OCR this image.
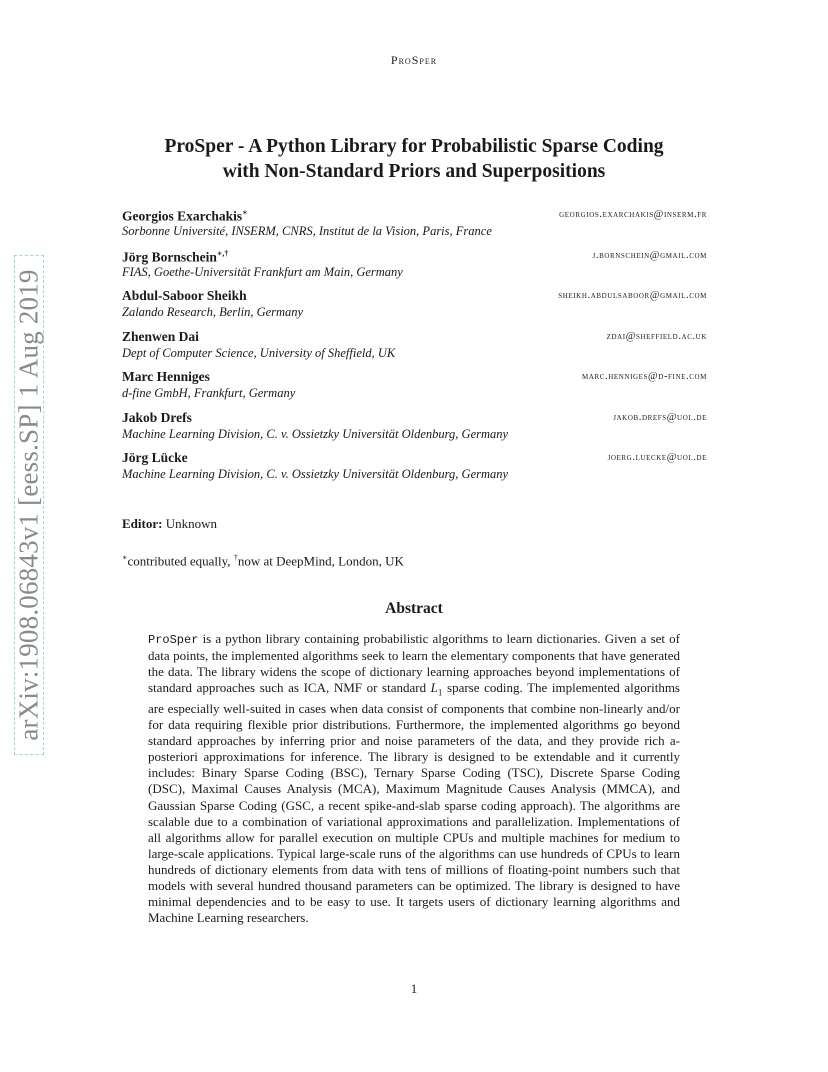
arXiv:1908.06843v1 [eess.SP] 1 Aug 2019
ProSper
ProSper - A Python Library for Probabilistic Sparse Coding
with Non-Standard Priors and Superpositions
Georgios Exarchakis∗	georgios.exarchakis@inserm.fr
Sorbonne Université, INSERM, CNRS, Institut de la Vision, Paris, France
Jörg Bornschein∗,†	j.bornschein@gmail.com
FIAS, Goethe-Universität Frankfurt am Main, Germany
Abdul-Saboor Sheikh	sheikh.abdulsaboor@gmail.com
Zalando Research, Berlin, Germany
Zhenwen Dai	zdai@sheffield.ac.uk
Dept of Computer Science, University of Sheffield, UK
Marc Henniges	marc.henniges@d-fine.com
d-fine GmbH, Frankfurt, Germany
Jakob Drefs	jakob.drefs@uol.de
Machine Learning Division, C. v. Ossietzky Universität Oldenburg, Germany
Jörg Lücke	joerg.luecke@uol.de
Machine Learning Division, C. v. Ossietzky Universität Oldenburg, Germany
Editor: Unknown
∗contributed equally, †now at DeepMind, London, UK
Abstract
ProSper is a python library containing probabilistic algorithms to learn dictionaries. Given a set of data points, the implemented algorithms seek to learn the elementary components that have generated the data. The library widens the scope of dictionary learning approaches beyond implementations of standard approaches such as ICA, NMF or standard $L_1$ sparse coding. The implemented algorithms are especially well-suited in cases when data consist of components that combine non-linearly and/or for data requiring flexible prior distributions. Furthermore, the implemented algorithms go beyond standard approaches by inferring prior and noise parameters of the data, and they provide rich a-posteriori approximations for inference. The library is designed to be extendable and it currently includes: Binary Sparse Coding (BSC), Ternary Sparse Coding (TSC), Discrete Sparse Coding (DSC), Maximal Causes Analysis (MCA), Maximum Magnitude Causes Analysis (MMCA), and Gaussian Sparse Coding (GSC, a recent spike-and-slab sparse coding approach). The algorithms are scalable due to a combination of variational approximations and parallelization. Implementations of all algorithms allow for parallel execution on multiple CPUs and multiple machines for medium to large-scale applications. Typical large-scale runs of the algorithms can use hundreds of CPUs to learn hundreds of dictionary elements from data with tens of millions of floating-point numbers such that models with several hundred thousand parameters can be optimized. The library is designed to have minimal dependencies and to be easy to use. It targets users of dictionary learning algorithms and Machine Learning researchers.
1
